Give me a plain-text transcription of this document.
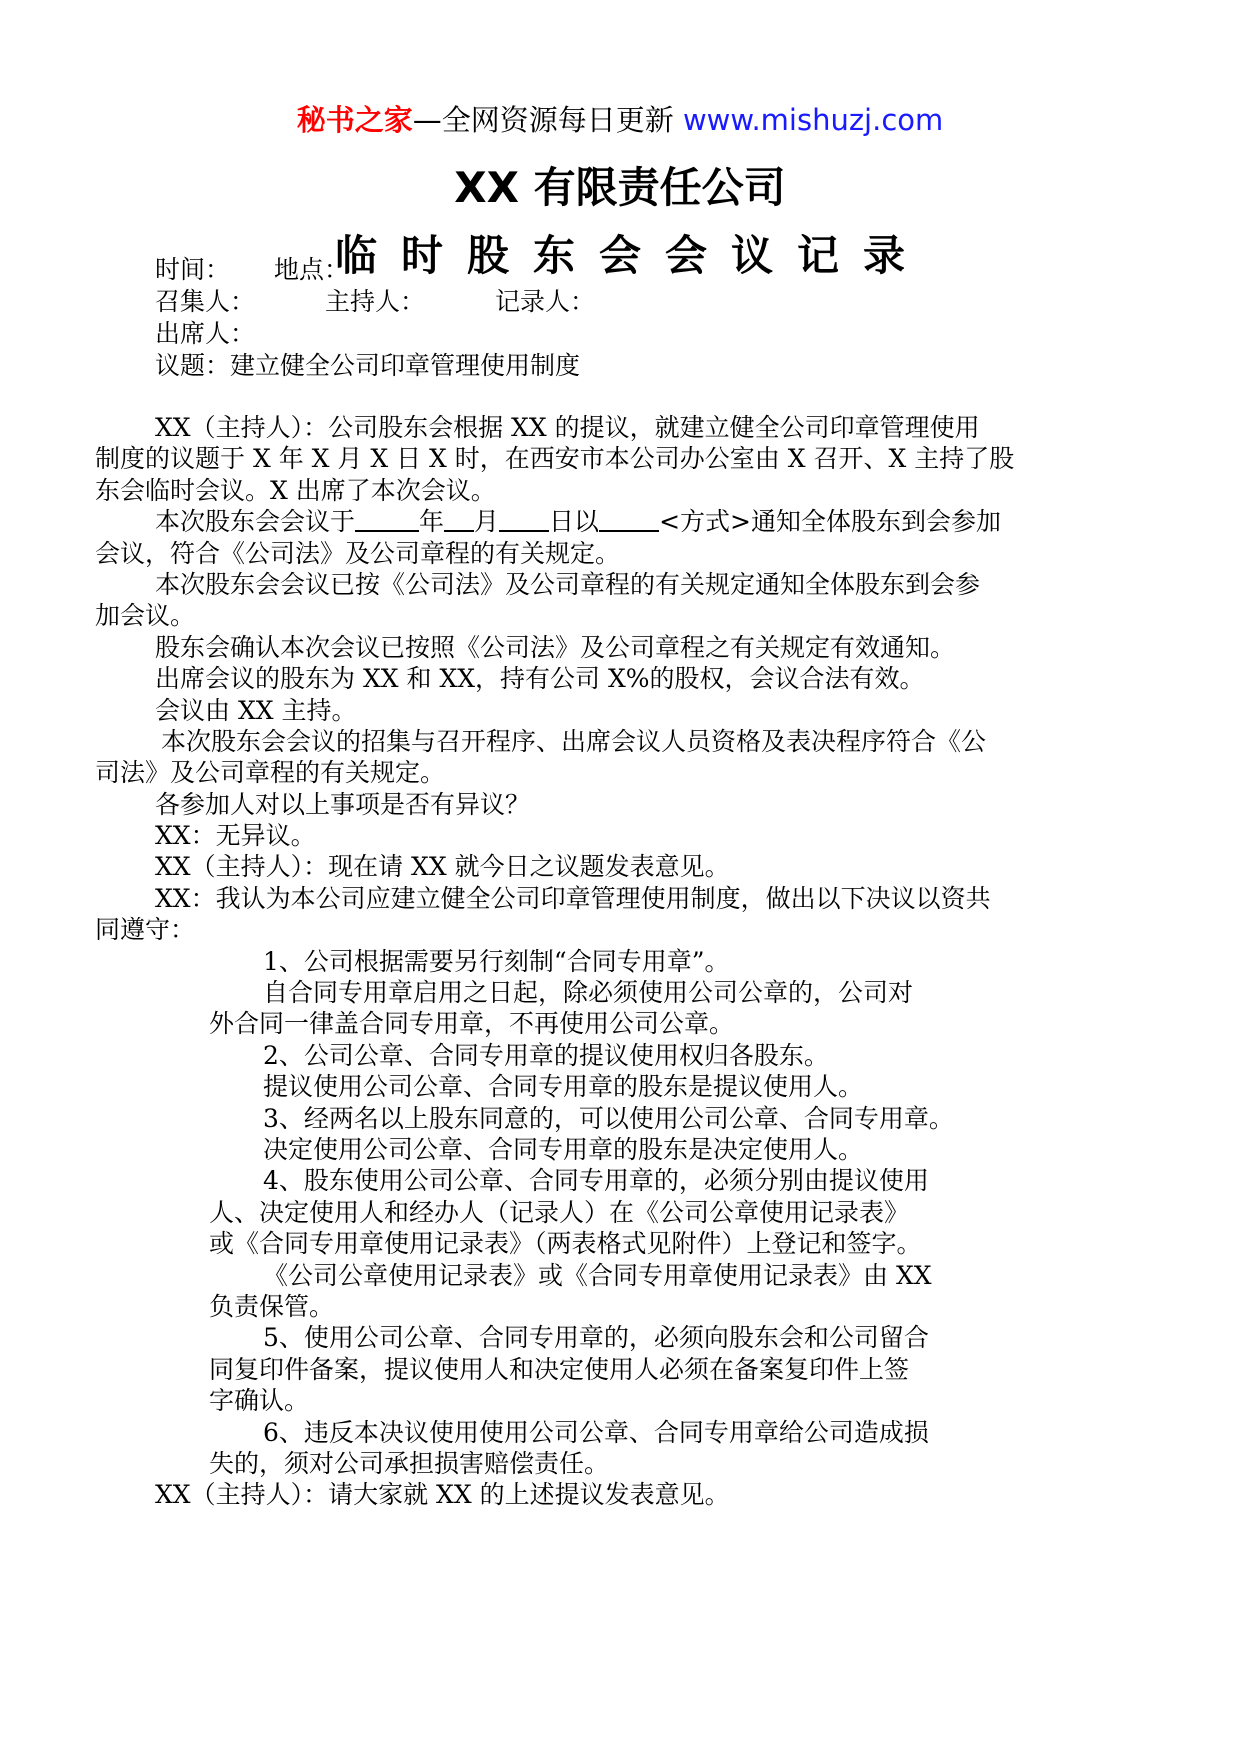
秘书之家—全网资源每日更新 www.mishuzj.com
XX 有限责任公司
临时股东会会议记录
时间： 地点：
召集人：	主持人：	记录人：
出席人：
议题：建立健全公司印章管理使用制度
XX（主持人）：公司股东会根据 XX 的提议，就建立健全公司印章管理使用
制度的议题于 X 年 X 月 X 日 X 时，在西安市本公司办公室由 X 召开、X 主持了股
东会临时会议。X 出席了本次会议。
本次股东会会议于	年 月 日以 <方式>通知全体股东到会参加
会议，符合《公司法》及公司章程的有关规定。
本次股东会会议已按《公司法》及公司章程的有关规定通知全体股东到会参
加会议。
股东会确认本次会议已按照《公司法》及公司章程之有关规定有效通知。
出席会议的股东为 XX 和 XX，持有公司 X%的股权，会议合法有效。
会议由 XX 主持。
本次股东会会议的招集与召开程序、出席会议人员资格及表决程序符合《公
司法》及公司章程的有关规定。
各参加人对以上事项是否有异议？
XX：无异议。
XX（主持人）：现在请 XX 就今日之议题发表意见。
XX：我认为本公司应建立健全公司印章管理使用制度，做出以下决议以资共
同遵守：
1、公司根据需要另行刻制“合同专用章”。
自合同专用章启用之日起，除必须使用公司公章的，公司对
外合同一律盖合同专用章，不再使用公司公章。
2、公司公章、合同专用章的提议使用权归各股东。
提议使用公司公章、合同专用章的股东是提议使用人。
3、经两名以上股东同意的，可以使用公司公章、合同专用章。
决定使用公司公章、合同专用章的股东是决定使用人。
4、股东使用公司公章、合同专用章的，必须分别由提议使用
人、决定使用人和经办人（记录人）在《公司公章使用记录表》
或《合同专用章使用记录表》（两表格式见附件）上登记和签字。
《公司公章使用记录表》或《合同专用章使用记录表》由 XX
负责保管。
5、使用公司公章、合同专用章的，必须向股东会和公司留合
同复印件备案，提议使用人和决定使用人必须在备案复印件上签
字确认。
6、违反本决议使用使用公司公章、合同专用章给公司造成损
失的，须对公司承担损害赔偿责任。
XX（主持人）：请大家就 XX 的上述提议发表意见。
